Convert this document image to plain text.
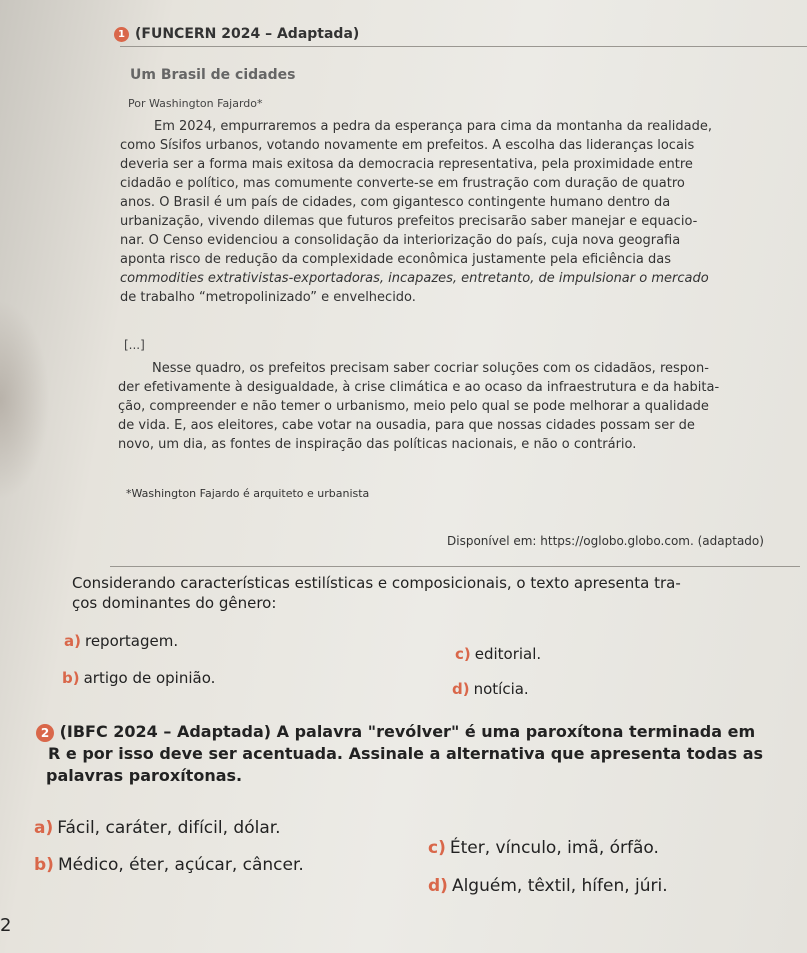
1 (FUNCERN 2024 – Adaptada)
Um Brasil de cidades
Por Washington Fajardo*
Em 2024, empurraremos a pedra da esperança para cima da montanha da realidade,
como Sísifos urbanos, votando novamente em prefeitos. A escolha das lideranças locais
deveria ser a forma mais exitosa da democracia representativa, pela proximidade entre
cidadão e político, mas comumente converte-se em frustração com duração de quatro
anos. O Brasil é um país de cidades, com gigantesco contingente humano dentro da
urbanização, vivendo dilemas que futuros prefeitos precisarão saber manejar e equacio-
nar. O Censo evidenciou a consolidação da interiorização do país, cuja nova geografia
aponta risco de redução da complexidade econômica justamente pela eficiência das
commodities extrativistas-exportadoras, incapazes, entretanto, de impulsionar o mercado
de trabalho “metropolinizado” e envelhecido.
[...]
Nesse quadro, os prefeitos precisam saber cocriar soluções com os cidadãos, respon-
der efetivamente à desigualdade, à crise climática e ao ocaso da infraestrutura e da habita-
ção, compreender e não temer o urbanismo, meio pelo qual se pode melhorar a qualidade
de vida. E, aos eleitores, cabe votar na ousadia, para que nossas cidades possam ser de
novo, um dia, as fontes de inspiração das políticas nacionais, e não o contrário.
*Washington Fajardo é arquiteto e urbanista
Disponível em: https://oglobo.globo.com. (adaptado)
Considerando características estilísticas e composicionais, o texto apresenta tra-
ços dominantes do gênero:
a) reportagem.
b) artigo de opinião.
c) editorial.
d) notícia.
2 (IBFC 2024 – Adaptada) A palavra "revólver" é uma paroxítona terminada em
R e por isso deve ser acentuada. Assinale a alternativa que apresenta todas as
palavras paroxítonas.
a) Fácil, caráter, difícil, dólar.
b) Médico, éter, açúcar, câncer.
c) Éter, vínculo, imã, órfão.
d) Alguém, têxtil, hífen, júri.
2
